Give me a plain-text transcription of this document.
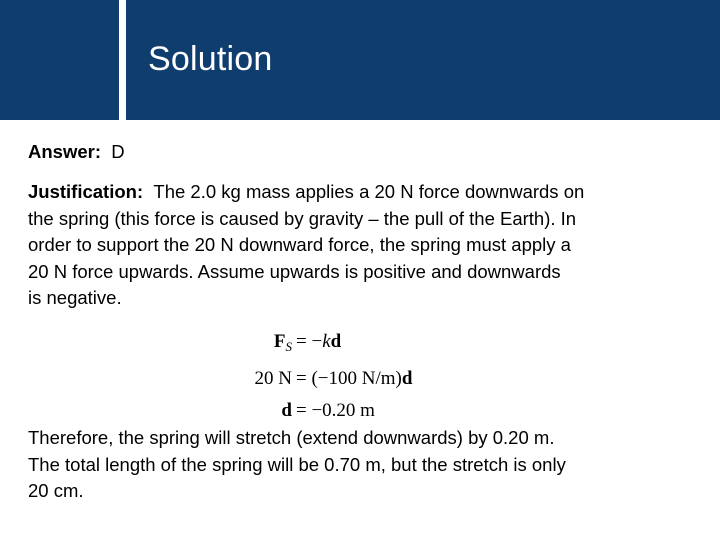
Solution
Answer: D
Justification: The 2.0 kg mass applies a 20 N force downwards on
the spring (this force is caused by gravity – the pull of the Earth). In
order to support the 20 N downward force, the spring must apply a
20 N force upwards. Assume upwards is positive and downwards
is negative.
$F_S = -kd$
20 N = (−100 N/m)d
d = −0.20 m
Therefore, the spring will stretch (extend downwards) by 0.20 m.
The total length of the spring will be 0.70 m, but the stretch is only
20 cm.
